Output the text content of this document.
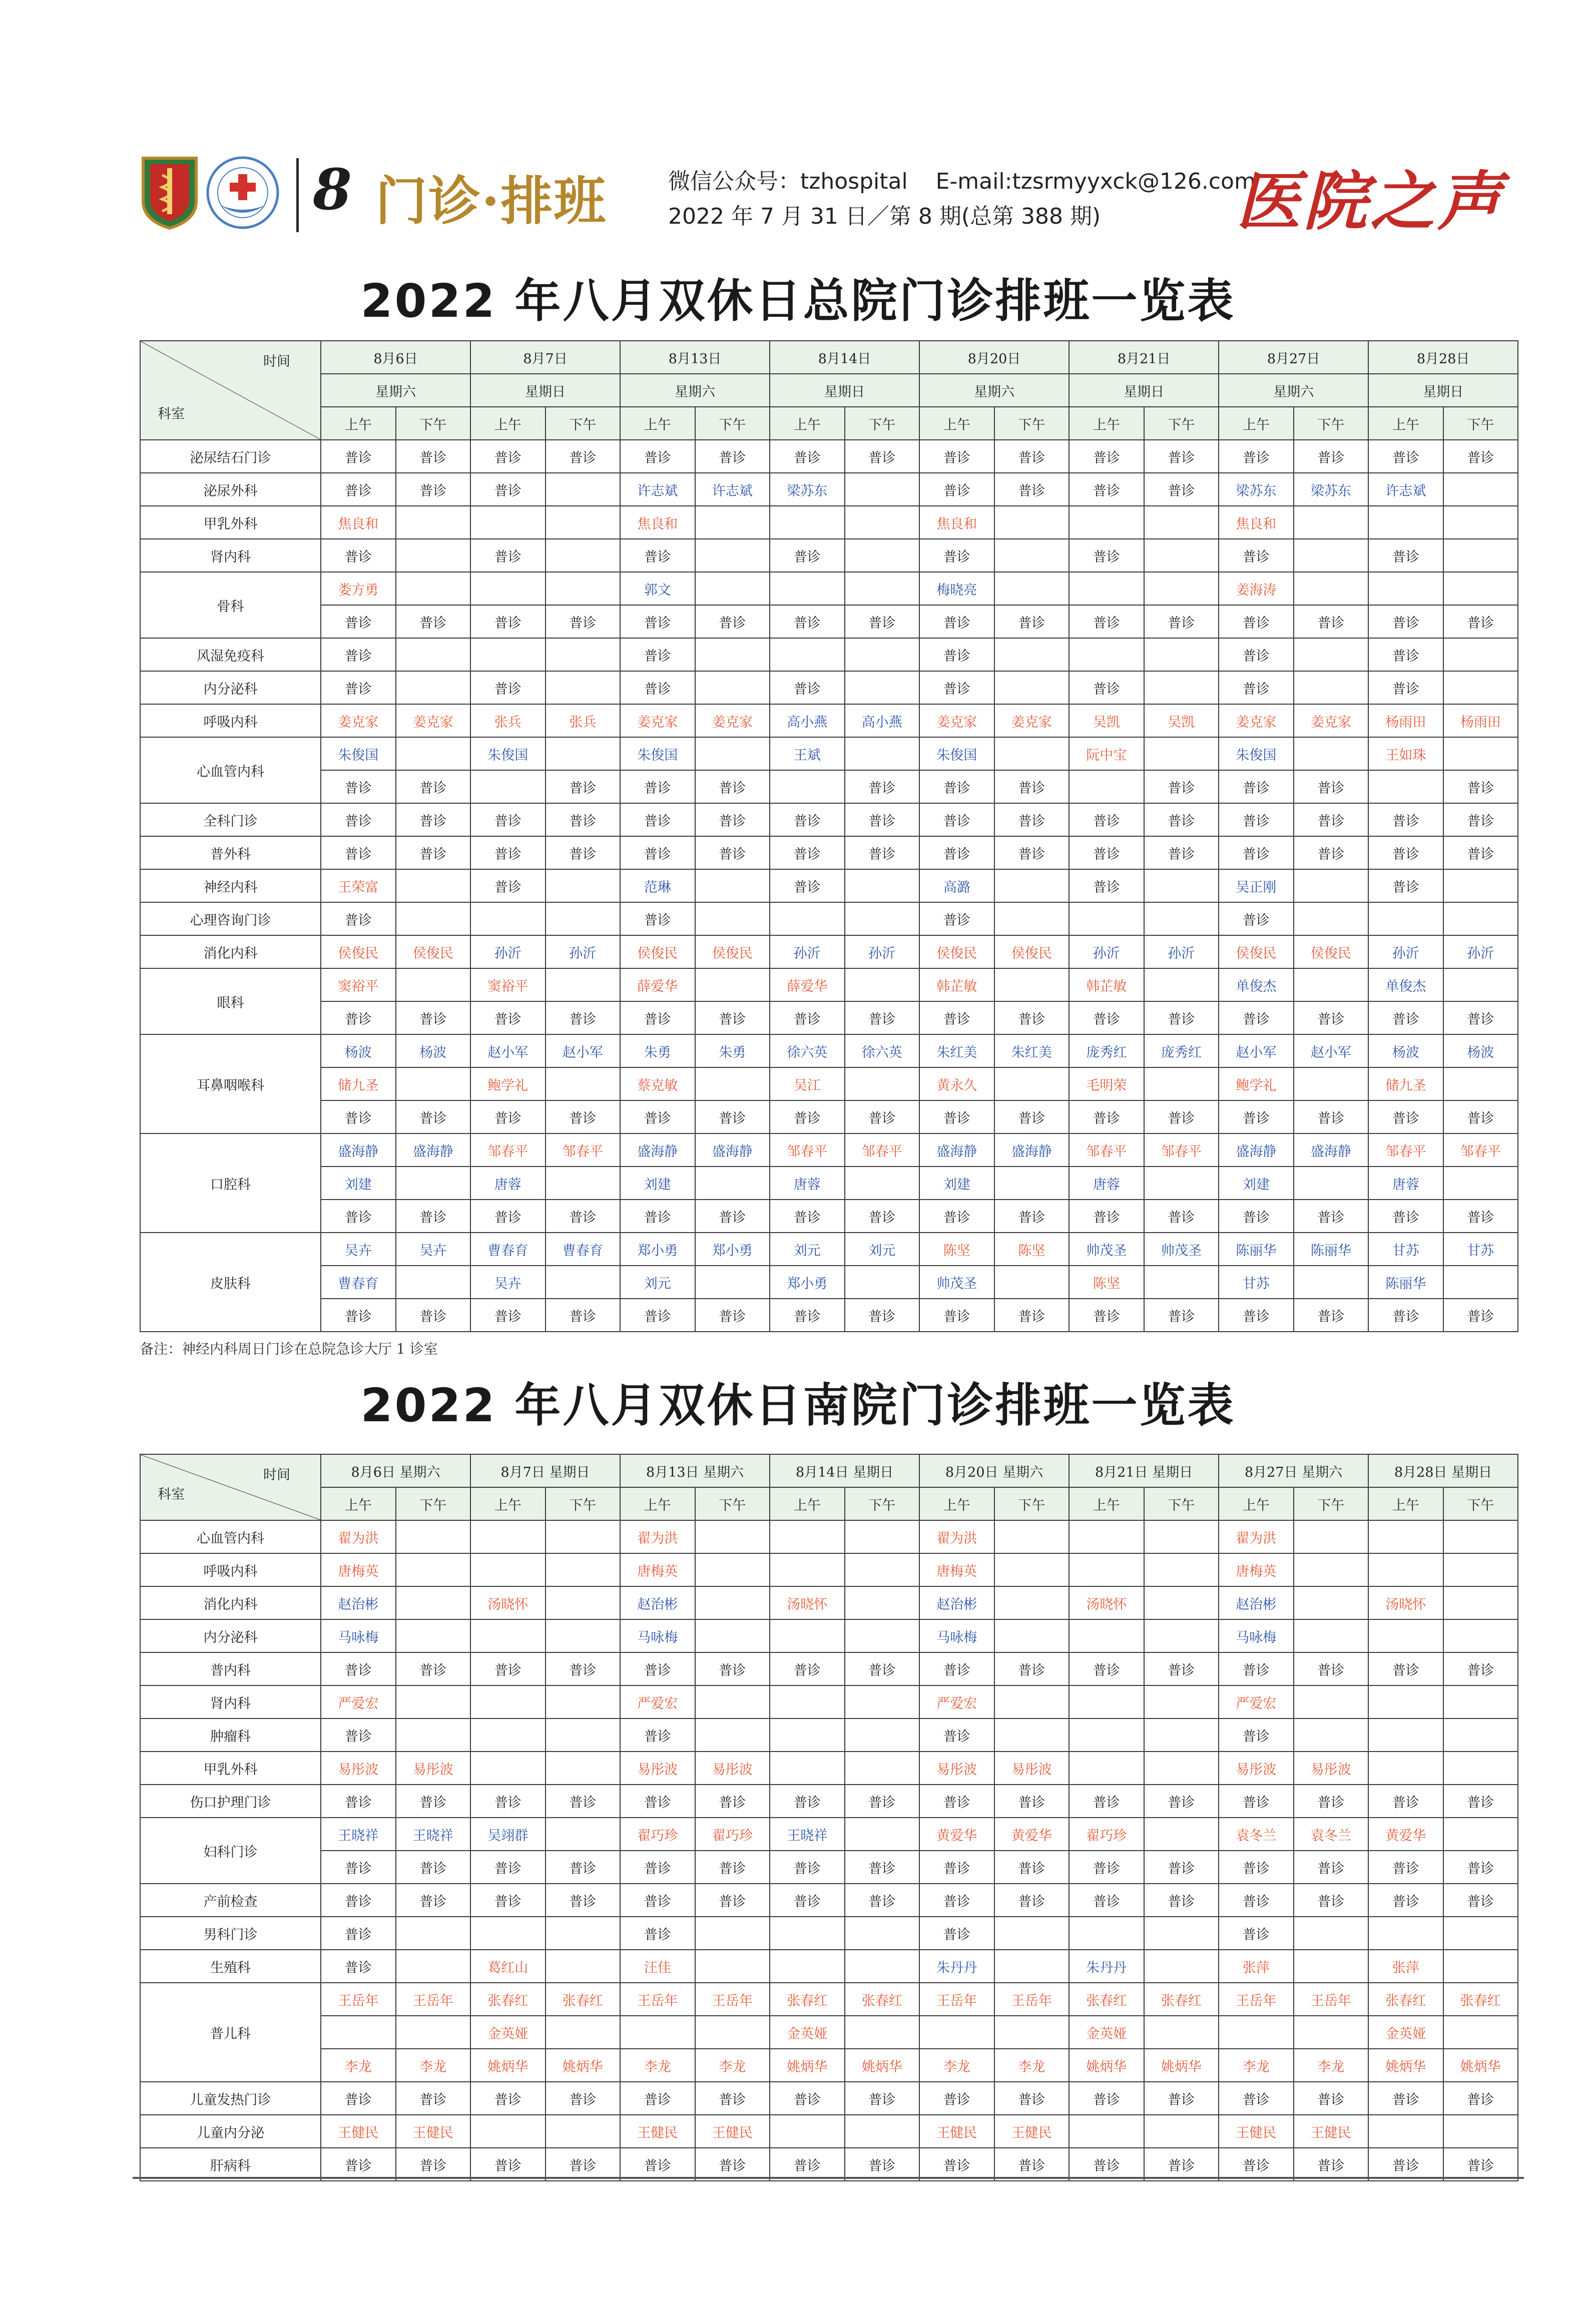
8 门诊·排班	微信公众号：tzhospital E-mail:tzsrmyyxck@126.com
2022 年 7 月 31 日／第 8 期(总第 388 期) 医院之声
2022 年八月双休日总院门诊排班一览表
时间
科室	8月6日		8月7日		8月13日		8月14日		8月20日		8月21日		8月27日		8月28日	
	星期六		星期日		星期六		星期日		星期六		星期日		星期六		星期日	
	上午	下午	上午	下午	上午	下午	上午	下午	上午	下午	上午	下午	上午	下午	上午	下午
泌尿结石门诊	普诊	普诊	普诊	普诊	普诊	普诊	普诊	普诊	普诊	普诊	普诊	普诊	普诊	普诊	普诊	普诊
泌尿外科	普诊	普诊	普诊		许志斌	许志斌	梁苏东		普诊	普诊	普诊	普诊	梁苏东	梁苏东	许志斌	
甲乳外科	焦良和				焦良和				焦良和				焦良和			
肾内科	普诊		普诊		普诊		普诊		普诊		普诊		普诊		普诊	
骨科	娄方勇				郭文				梅晓亮				姜海涛			
	普诊	普诊	普诊	普诊	普诊	普诊	普诊	普诊	普诊	普诊	普诊	普诊	普诊	普诊	普诊	普诊
风湿免疫科	普诊				普诊				普诊				普诊		普诊	
内分泌科	普诊		普诊		普诊		普诊		普诊		普诊		普诊		普诊	
呼吸内科	姜克家	姜克家	张兵	张兵	姜克家	姜克家	高小燕	高小燕	姜克家	姜克家	吴凯	吴凯	姜克家	姜克家	杨雨田	杨雨田
心血管内科	朱俊国		朱俊国		朱俊国		王斌		朱俊国		阮中宝		朱俊国		王如珠	
	普诊	普诊		普诊	普诊	普诊		普诊	普诊	普诊		普诊	普诊	普诊		普诊
全科门诊	普诊	普诊	普诊	普诊	普诊	普诊	普诊	普诊	普诊	普诊	普诊	普诊	普诊	普诊	普诊	普诊
普外科	普诊	普诊	普诊	普诊	普诊	普诊	普诊	普诊	普诊	普诊	普诊	普诊	普诊	普诊	普诊	普诊
神经内科	王荣富		普诊		范琳		普诊		高潞		普诊		吴正刚		普诊	
心理咨询门诊	普诊				普诊				普诊				普诊			
消化内科	侯俊民	侯俊民	孙沂	孙沂	侯俊民	侯俊民	孙沂	孙沂	侯俊民	侯俊民	孙沂	孙沂	侯俊民	侯俊民	孙沂	孙沂
眼科	窦裕平		窦裕平		薛爱华		薛爱华		韩芷敏		韩芷敏		单俊杰		单俊杰	
	普诊	普诊	普诊	普诊	普诊	普诊	普诊	普诊	普诊	普诊	普诊	普诊	普诊	普诊	普诊	普诊
耳鼻咽喉科	杨波	杨波	赵小军	赵小军	朱勇	朱勇	徐六英	徐六英	朱红美	朱红美	庞秀红	庞秀红	赵小军	赵小军	杨波	杨波
	储九圣		鲍学礼		蔡克敏		吴江		黄永久		毛明荣		鲍学礼		储九圣	
	普诊	普诊	普诊	普诊	普诊	普诊	普诊	普诊	普诊	普诊	普诊	普诊	普诊	普诊	普诊	普诊
口腔科	盛海静	盛海静	邹春平	邹春平	盛海静	盛海静	邹春平	邹春平	盛海静	盛海静	邹春平	邹春平	盛海静	盛海静	邹春平	邹春平
	刘建		唐蓉		刘建		唐蓉		刘建		唐蓉		刘建		唐蓉	
	普诊	普诊	普诊	普诊	普诊	普诊	普诊	普诊	普诊	普诊	普诊	普诊	普诊	普诊	普诊	普诊
皮肤科	吴卉	吴卉	曹春育	曹春育	郑小勇	郑小勇	刘元	刘元	陈坚	陈坚	帅茂圣	帅茂圣	陈丽华	陈丽华	甘苏	甘苏
	曹春育		吴卉		刘元		郑小勇		帅茂圣		陈坚		甘苏		陈丽华	
	普诊	普诊	普诊	普诊	普诊	普诊	普诊	普诊	普诊	普诊	普诊	普诊	普诊	普诊	普诊	普诊
备注：神经内科周日门诊在总院急诊大厅 1 诊室
2022 年八月双休日南院门诊排班一览表
时间
科室	8月6日 星期六		8月7日 星期日		8月13日 星期六		8月14日 星期日		8月20日 星期六		8月21日 星期日		8月27日 星期六		8月28日 星期日	
	上午	下午	上午	下午	上午	下午	上午	下午	上午	下午	上午	下午	上午	下午	上午	下午
心血管内科	翟为洪				翟为洪				翟为洪				翟为洪			
呼吸内科	唐梅英				唐梅英				唐梅英				唐梅英			
消化内科	赵治彬		汤晓怀		赵治彬		汤晓怀		赵治彬		汤晓怀		赵治彬		汤晓怀	
内分泌科	马咏梅				马咏梅				马咏梅				马咏梅			
普内科	普诊	普诊	普诊	普诊	普诊	普诊	普诊	普诊	普诊	普诊	普诊	普诊	普诊	普诊	普诊	普诊
肾内科	严爱宏				严爱宏				严爱宏				严爱宏			
肿瘤科	普诊				普诊				普诊				普诊			
甲乳外科	易彤波	易彤波			易彤波	易彤波			易彤波	易彤波			易彤波	易彤波		
伤口护理门诊	普诊	普诊	普诊	普诊	普诊	普诊	普诊	普诊	普诊	普诊	普诊	普诊	普诊	普诊	普诊	普诊
妇科门诊	王晓祥	王晓祥	吴翊群		翟巧珍	翟巧珍	王晓祥		黄爱华	黄爱华	翟巧珍		袁冬兰	袁冬兰	黄爱华	
	普诊	普诊	普诊	普诊	普诊	普诊	普诊	普诊	普诊	普诊	普诊	普诊	普诊	普诊	普诊	普诊
产前检查	普诊	普诊	普诊	普诊	普诊	普诊	普诊	普诊	普诊	普诊	普诊	普诊	普诊	普诊	普诊	普诊
男科门诊	普诊				普诊				普诊				普诊			
生殖科	普诊		葛红山		汪佳				朱丹丹		朱丹丹		张萍		张萍	
普儿科	王岳年	王岳年	张春红	张春红	王岳年	王岳年	张春红	张春红	王岳年	王岳年	张春红	张春红	王岳年	王岳年	张春红	张春红
			金英娅				金英娅				金英娅				金英娅	
	李龙	李龙	姚炳华	姚炳华	李龙	李龙	姚炳华	姚炳华	李龙	李龙	姚炳华	姚炳华	李龙	李龙	姚炳华	姚炳华
儿童发热门诊	普诊	普诊	普诊	普诊	普诊	普诊	普诊	普诊	普诊	普诊	普诊	普诊	普诊	普诊	普诊	普诊
儿童内分泌	王健民	王健民			王健民	王健民			王健民	王健民			王健民	王健民		
肝病科	普诊	普诊	普诊	普诊	普诊	普诊	普诊	普诊	普诊	普诊	普诊	普诊	普诊	普诊	普诊	普诊
